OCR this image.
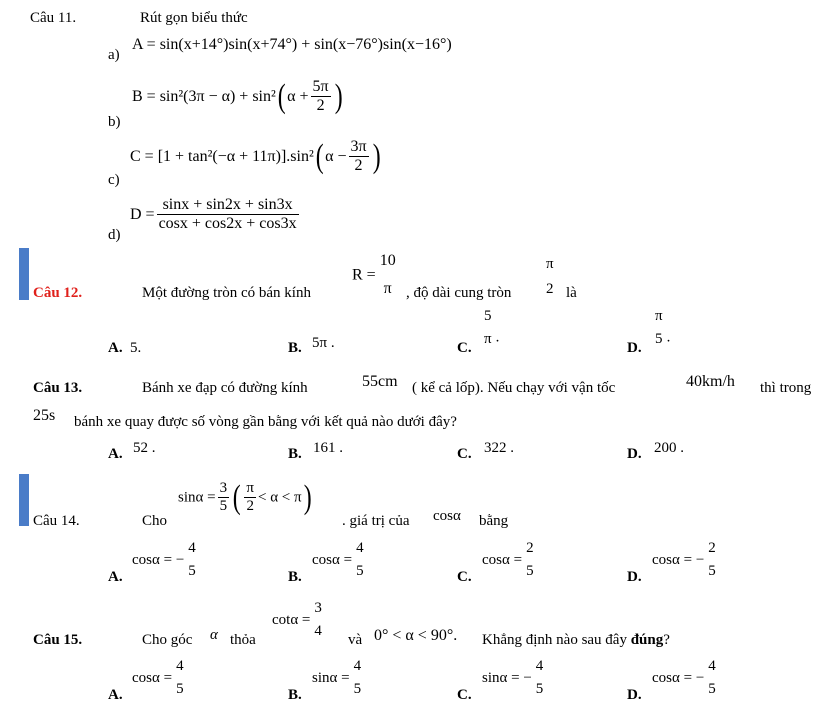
Câu 11.	Rút gọn biểu thức
a)
A = sin(x+14°)sin(x+74°) + sin(x−76°)sin(x−16°)
b)
B = sin²(3π − α) + sin²( $\alpha + \frac{5\pi}{2}$ )
c)
C = [1 + tan²(−α + 11π)].sin²( $\alpha - \frac{3\pi}{2}$ )
d)
$D = \frac{\sin x + \sin 2x + \sin 3x}{\cos x + \cos 2x + \cos 3x}$
Câu 12.	Một đường tròn có bán kính
R =
10
π , độ dài cung tròn
π
2 là
A. 5.	B. 5π .	C.
5
π .
D.
π
5 .
Câu 13.	Bánh xe đạp có đường kính	55cm ( kể cả lốp). Nếu chạy với vận tốc	40km/h thì trong
25s bánh xe quay được số vòng gần bằng với kết quả nào dưới đây?
A. 52 .	B. 161 .	C. 322 .	D. 200 .
Câu 14.	Cho
$\sin\alpha = \frac{3}{5}$ ( $\frac{\pi}{2} < \alpha < \pi$)
. giá trị của cosα bằng
A.
cosα = −
4
5	B.
cosα =
4
5	C.
cosα =
2
5	D.
cosα = −
2
5
Câu 15.	Cho góc α thỏa
cotα =
3
4
và 0° < α < 90°. Khẳng định nào sau đây đúng?
A.
cosα =
4
5	B.
sinα =
4
5	C.
sinα = −
4
5	D.
cosα = −
4
5
